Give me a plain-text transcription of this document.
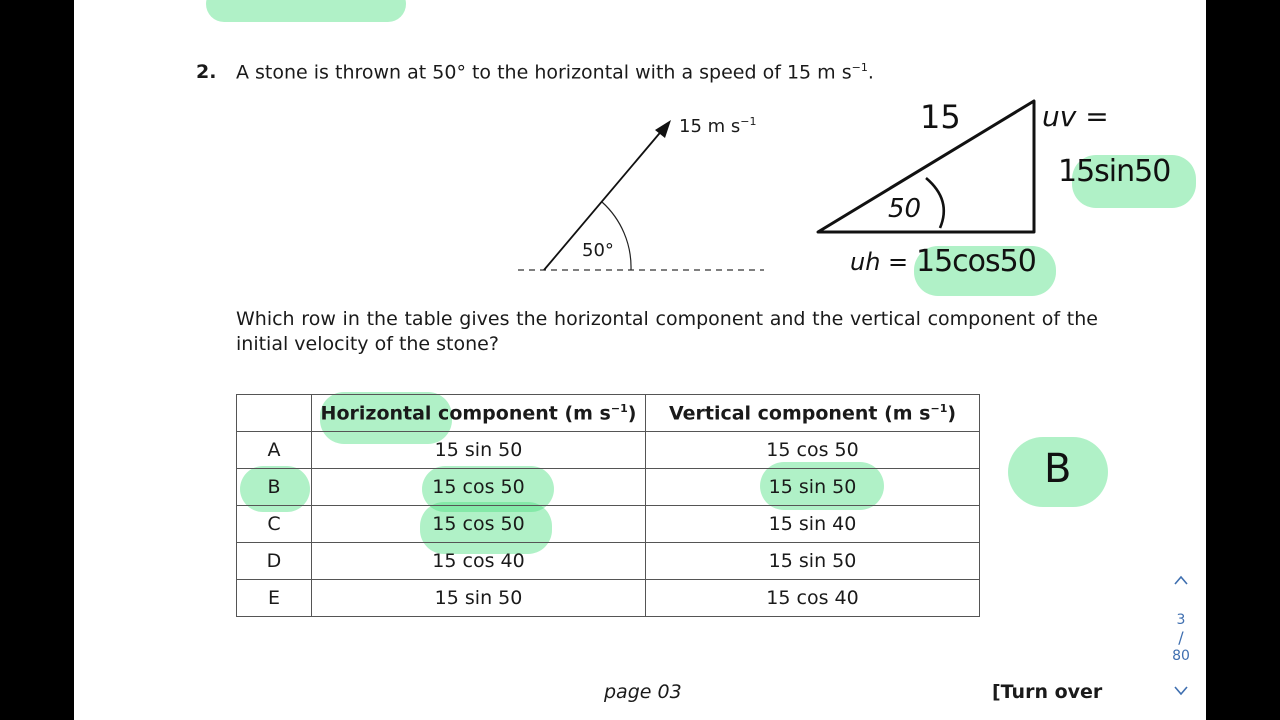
2. A stone is thrown at 50° to the horizontal with a speed of 15 m $s^{-1}$.
15 m $s^{-1}$
50°
15	uv =
15sin50
50
uh = 15cos50

Which row in the table gives the horizontal component and the vertical component of the initial velocity of the stone?

	Horizontal component (m $s^{-1}$)	Vertical component (m $s^{-1}$)
A	15 sin 50	15 cos 50
B	15 cos 50	15 sin 50
C	15 cos 50	15 sin 40
D	15 cos 40	15 sin 50
E	15 sin 50	15 cos 40
B
page 03	[Turn over
3
/
80
